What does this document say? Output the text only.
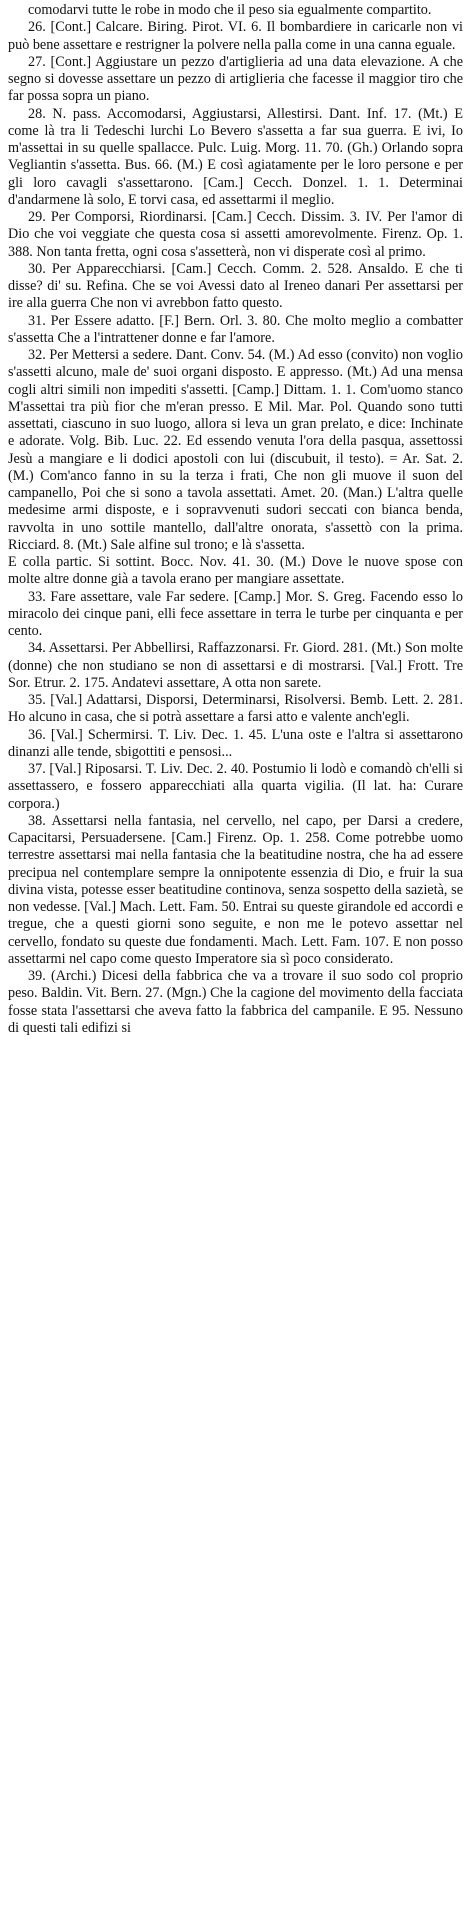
comodarvi tutte le robe in modo che il peso sia egualmente compartito.

26. [Cont.] Calcare. Biring. Pirot. VI. 6. Il bombardiere in caricarle non vi può bene assettare e restrigner la polvere nella palla come in una canna eguale.

27. [Cont.] Aggiustare un pezzo d'artiglieria ad una data elevazione. A che segno si dovesse assettare un pezzo di artiglieria che facesse il maggior tiro che far possa sopra un piano.

28. N. pass. Accomodarsi, Aggiustarsi, Allestirsi. Dant. Inf. 17. (Mt.) E come là tra li Tedeschi lurchi Lo Bevero s'assetta a far sua guerra. E ivi, Io m'assettai in su quelle spallacce. Pulc. Luig. Morg. 11. 70. (Gh.) Orlando sopra Vegliantin s'assetta. Bus. 66. (M.) E così agiatamente per le loro persone e per gli loro cavagli s'assettarono. [Cam.] Cecch. Donzel. 1. 1. Determinai d'andarmene là solo, E torvi casa, ed assettarmi il meglio.

29. Per Comporsi, Riordinarsi. [Cam.] Cecch. Dissim. 3. IV. Per l'amor di Dio che voi veggiate che questa cosa si assetti amorevolmente. Firenz. Op. 1. 388. Non tanta fretta, ogni cosa s'assetterà, non vi disperate così al primo.

30. Per Apparecchiarsi. [Cam.] Cecch. Comm. 2. 528. Ansaldo. E che ti disse? di' su. Refina. Che se voi Avessi dato al Ireneo danari Per assettarsi per ire alla guerra Che non vi avrebbon fatto questo.

31. Per Essere adatto. [F.] Bern. Orl. 3. 80. Che molto meglio a combatter s'assetta Che a l'intrattener donne e far l'amore.

32. Per Mettersi a sedere. Dant. Conv. 54. (M.) Ad esso (convito) non voglio s'assetti alcuno, male de' suoi organi disposto. E appresso. (Mt.) Ad una mensa cogli altri simili non impediti s'assetti. [Camp.] Dittam. 1. 1. Com'uomo stanco M'assettai tra più fior che m'eran presso. E Mil. Mar. Pol. Quando sono tutti assettati, ciascuno in suo luogo, allora si leva un gran prelato, e dice: Inchinate e adorate. Volg. Bib. Luc. 22. Ed essendo venuta l'ora della pasqua, assettossi Jesù a mangiare e li dodici apostoli con lui (discubuit, il testo). = Ar. Sat. 2. (M.) Com'anco fanno in su la terza i frati, Che non gli muove il suon del campanello, Poi che si sono a tavola assettati. Amet. 20. (Man.) L'altra quelle medesime armi disposte, e i sopravvenuti sudori seccati con bianca benda, ravvolta in uno sottile mantello, dall'altre onorata, s'assettò con la prima. Ricciard. 8. (Mt.) Sale alfine sul trono; e là s'assetta.

E colla partic. Si sottint. Bocc. Nov. 41. 30. (M.) Dove le nuove spose con molte altre donne già a tavola erano per mangiare assettate.

33. Fare assettare, vale Far sedere. [Camp.] Mor. S. Greg. Facendo esso lo miracolo dei cinque pani, elli fece assettare in terra le turbe per cinquanta e per cento.

34. Assettarsi. Per Abbellirsi, Raffazzonarsi. Fr. Giord. 281. (Mt.) Son molte (donne) che non studiano se non di assettarsi e di mostrarsi. [Val.] Frott. Tre Sor. Etrur. 2. 175. Andatevi assettare, A otta non sarete.

35. [Val.] Adattarsi, Disporsi, Determinarsi, Risolversi. Bemb. Lett. 2. 281. Ho alcuno in casa, che si potrà assettare a farsi atto e valente anch'egli.

36. [Val.] Schermirsi. T. Liv. Dec. 1. 45. L'una oste e l'altra si assettarono dinanzi alle tende, sbigottiti e pensosi...

37. [Val.] Riposarsi. T. Liv. Dec. 2. 40. Postumio li lodò e comandò ch'elli si assettassero, e fossero apparecchiati alla quarta vigilia. (Il lat. ha: Curare corpora.)

38. Assettarsi nella fantasia, nel cervello, nel capo, per Darsi a credere, Capacitarsi, Persuadersene. [Cam.] Firenz. Op. 1. 258. Come potrebbe uomo terrestre assettarsi mai nella fantasia che la beatitudine nostra, che ha ad essere precipua nel contemplare sempre la onnipotente essenzia di Dio, e fruir la sua divina vista, potesse esser beatitudine continova, senza sospetto della sazietà, se non vedesse. [Val.] Mach. Lett. Fam. 50. Entrai su queste girandole ed accordi e tregue, che a questi giorni sono seguite, e non me le potevo assettar nel cervello, fondato su queste due fondamenti. Mach. Lett. Fam. 107. E non posso assettarmi nel capo come questo Imperatore sia sì poco considerato.

39. (Archi.) Dicesi della fabbrica che va a trovare il suo sodo col proprio peso. Baldin. Vit. Bern. 27. (Mgn.) Che la cagione del movimento della facciata fosse stata l'assettarsi che aveva fatto la fabbrica del campanile. E 95. Nessuno di questi tali edifizi si
